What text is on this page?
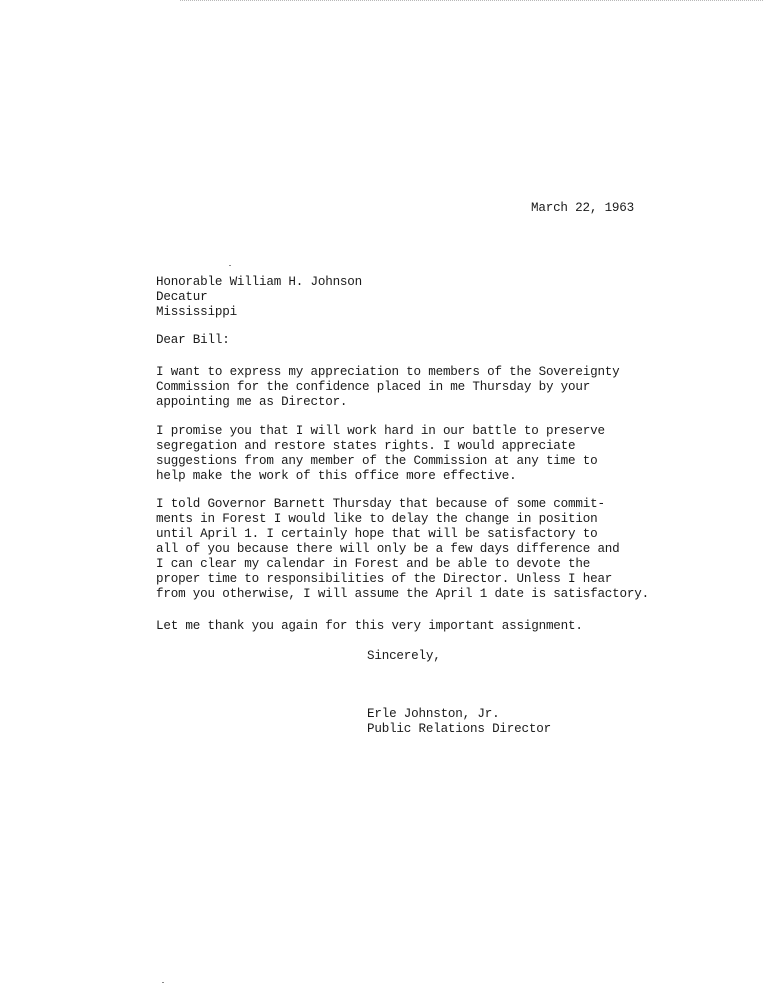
March 22, 1963
Honorable William H. Johnson
Decatur
Mississippi
Dear Bill:
I want to express my appreciation to members of the Sovereignty
Commission for the confidence placed in me Thursday by your
appointing me as Director.
I promise you that I will work hard in our battle to preserve
segregation and restore states rights. I would appreciate
suggestions from any member of the Commission at any time to
help make the work of this office more effective.
I told Governor Barnett Thursday that because of some commit-
ments in Forest I would like to delay the change in position
until April 1. I certainly hope that will be satisfactory to
all of you because there will only be a few days difference and
I can clear my calendar in Forest and be able to devote the
proper time to responsibilities of the Director. Unless I hear
from you otherwise, I will assume the April 1 date is satisfactory.
Let me thank you again for this very important assignment.
Sincerely,
Erle Johnston, Jr.
Public Relations Director
